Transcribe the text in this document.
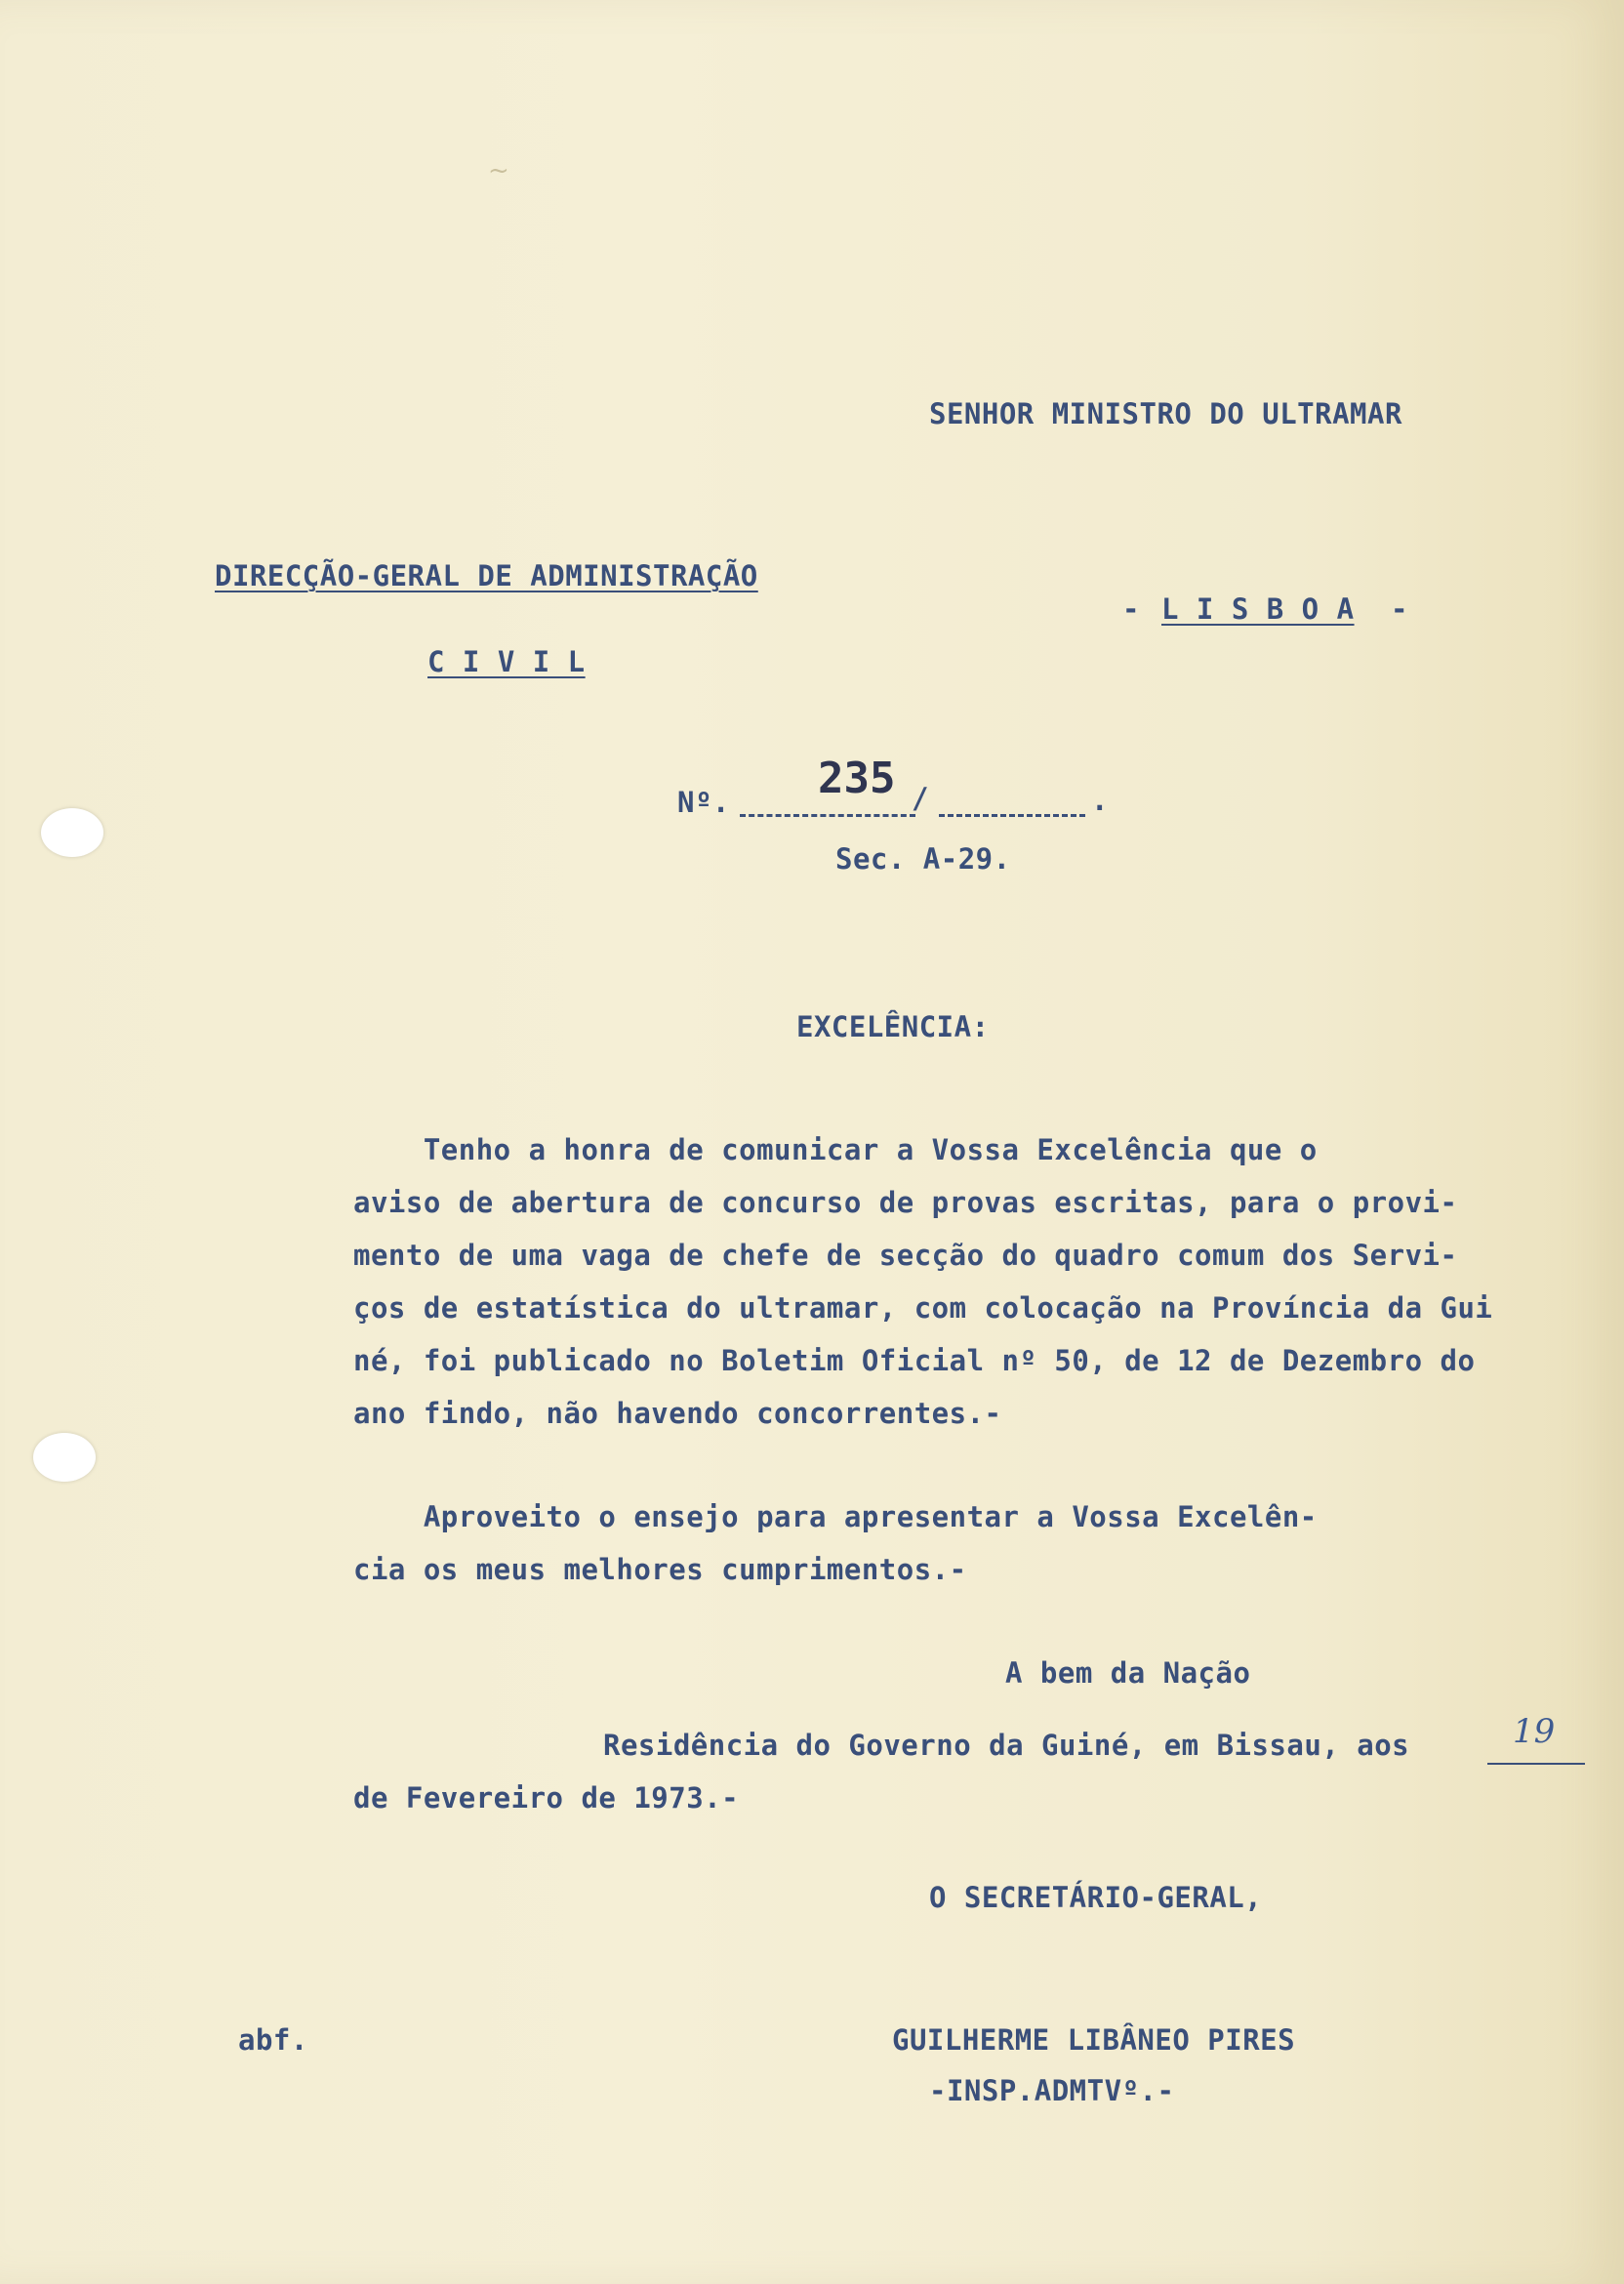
~
SENHOR MINISTRO DO ULTRAMAR
DIRECÇÃO-GERAL DE ADMINISTRAÇÃO
C I V I L
- L I S B O A -
Nº. 235 /	.
Sec. A-29.
EXCELÊNCIA:
Tenho a honra de comunicar a Vossa Excelência que o
aviso de abertura de concurso de provas escritas, para o provi-
mento de uma vaga de chefe de secção do quadro comum dos Servi-
ços de estatística do ultramar, com colocação na Província da Gui
né, foi publicado no Boletim Oficial nº 50, de 12 de Dezembro do
ano findo, não havendo concorrentes.-
Aproveito o ensejo para apresentar a Vossa Excelên-
cia os meus melhores cumprimentos.-
A bem da Nação
Residência do Governo da Guiné, em Bissau, aos	19
de Fevereiro de 1973.-
O SECRETÁRIO-GERAL,
abf.	GUILHERME LIBÂNEO PIRES
-INSP.ADMTVº.-
